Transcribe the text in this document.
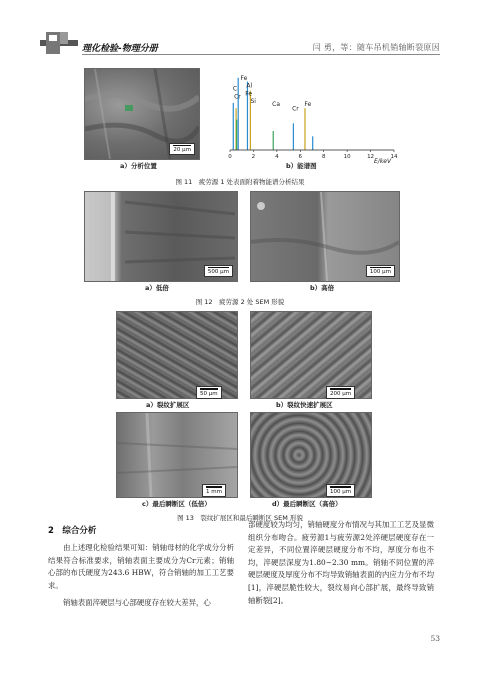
理化检验-物理分册	闫 勇，等：随车吊机销轴断裂原因
20 μm
a）分析位置
Fe
C Al
Cr Fe
Si	Ca
Cr
Fe
0	2	4	6	8	10	12	14
E/keV
b）能谱图
图 11　疲劳源 1 处表面附着物能谱分析结果
500 μm	100 μm
a）低倍	b）高倍
图 12　疲劳源 2 处 SEM 形貌
50 μm	200 μm
a）裂纹扩展区	b）裂纹快速扩展区
1 mm	100 μm
c）最后瞬断区（低倍）	d）最后瞬断区（高倍）
图 13　裂纹扩展区和最后瞬断区 SEM 形貌
2　综合分析
由上述理化检验结果可知：销轴母材的化学成分分析结果符合标准要求，销轴表面主要成分为Cr元素；销轴心部的布氏硬度为243.6 HBW，符合销轴的加工工艺要求。
销轴表面淬硬层与心部硬度存在较大差异，心
部硬度较为均匀，销轴硬度分布情况与其加工工艺及显微组织分布吻合。疲劳源1与疲劳源2处淬硬层硬度存在一定差异，不同位置淬硬层硬度分布不均，厚度分布也不均，淬硬层深度为1.80~2.30 mm。销轴不同位置的淬硬层硬度及厚度分布不均导致销轴表面的内应力分布不均[1]，淬硬层脆性较大，裂纹易向心部扩展，最终导致销轴断裂[2]。
53
